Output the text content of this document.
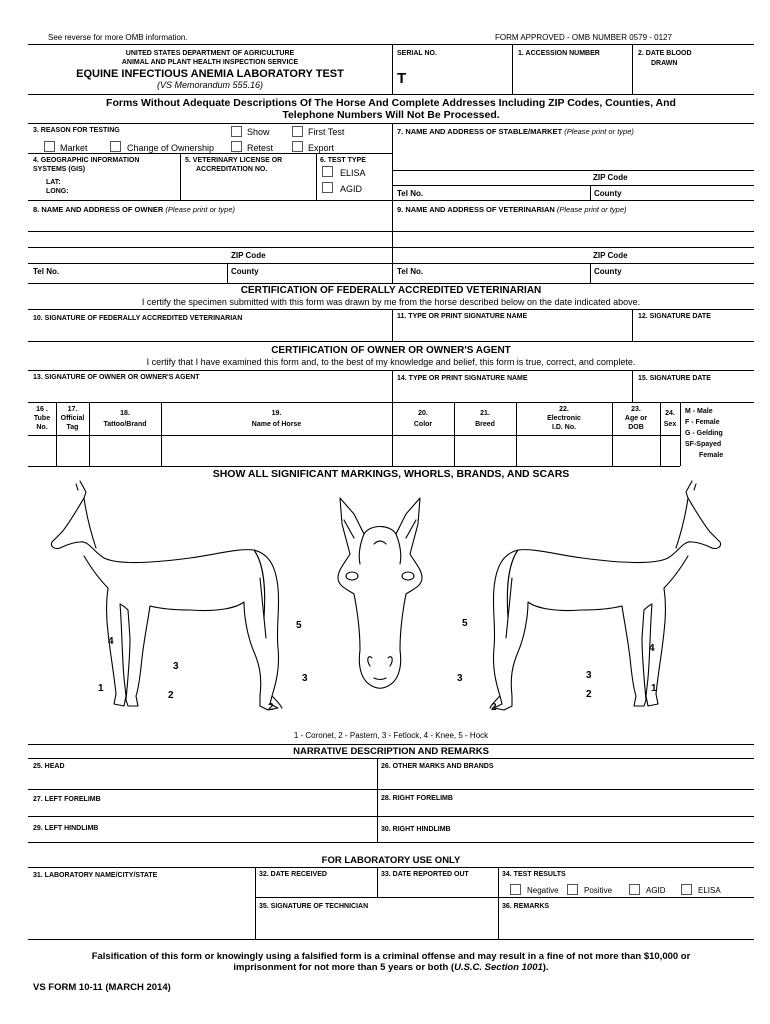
See reverse for more OMB information.	FORM APPROVED - OMB NUMBER 0579 - 0127
UNITED STATES DEPARTMENT OF AGRICULTURE
ANIMAL AND PLANT HEALTH INSPECTION SERVICE
EQUINE INFECTIOUS ANEMIA LABORATORY TEST
(VS Memorandum 555.16)
SERIAL NO.
T
1. ACCESSION NUMBER	2. DATE BLOOD
DRAWN
Forms Without Adequate Descriptions Of The Horse And Complete Addresses Including ZIP Codes, Counties, And
Telephone Numbers Will Not Be Processed.
3. REASON FOR TESTING	Show	First Test
Market	Change of Ownership	Retest	Export
7. NAME AND ADDRESS OF STABLE/MARKET (Please print or type)
4. GEOGRAPHIC INFORMATION
SYSTEMS (GIS)
LAT:
LONG:
5. VETERINARY LICENSE OR
ACCREDITATION NO.
6. TEST TYPE
ELISA
AGID
ZIP Code
Tel No.	County
8. NAME AND ADDRESS OF OWNER (Please print or type)	9. NAME AND ADDRESS OF VETERINARIAN (Please print or type)
ZIP Code	ZIP Code
Tel No.	County	Tel No.	County
CERTIFICATION OF FEDERALLY ACCREDITED VETERINARIAN
I certify the specimen submitted with this form was drawn by me from the horse described below on the date indicated above.
10. SIGNATURE OF FEDERALLY ACCREDITED VETERINARIAN	11. TYPE OR PRINT SIGNATURE NAME	12. SIGNATURE DATE
CERTIFICATION OF OWNER OR OWNER'S AGENT
I certify that I have examined this form and, to the best of my knowledge and belief, this form is true, correct, and complete.
13. SIGNATURE OF OWNER OR OWNER'S AGENT	14. TYPE OR PRINT SIGNATURE NAME	15. SIGNATURE DATE
16 .
Tube
No.
17.
Official
Tag
18.
Tattoo/Brand
19.
Name of Horse
20.
Color
21.
Breed
22.
Electronic
I.D. No.
23.
Age or
DOB
24.
Sex
M - Male
F - Female
G - Gelding
SF-Spayed
Female
SHOW ALL SIGNIFICANT MARKINGS, WHORLS, BRANDS, AND SCARS
4
3
1
2
5
3
2
5
3
2
4
3
2
1
1 - Coronet, 2 - Pastern, 3 - Fetlock, 4 - Knee, 5 - Hock
NARRATIVE DESCRIPTION AND REMARKS
25. HEAD	26. OTHER MARKS AND BRANDS
27. LEFT FORELIMB	28. RIGHT FORELIMB
29. LEFT HINDLIMB	30. RIGHT HINDLIMB
FOR LABORATORY USE ONLY
31. LABORATORY NAME/CITY/STATE	32. DATE RECEIVED	33. DATE REPORTED OUT	34. TEST RESULTS
Negative	Positive	AGID	ELISA
35. SIGNATURE OF TECHNICIAN	36. REMARKS
Falsification of this form or knowingly using a falsified form is a criminal offense and may result in a fine of not more than $10,000 or
imprisonment for not more than 5 years or both (U.S.C. Section 1001).
VS FORM 10-11 (MARCH 2014)
